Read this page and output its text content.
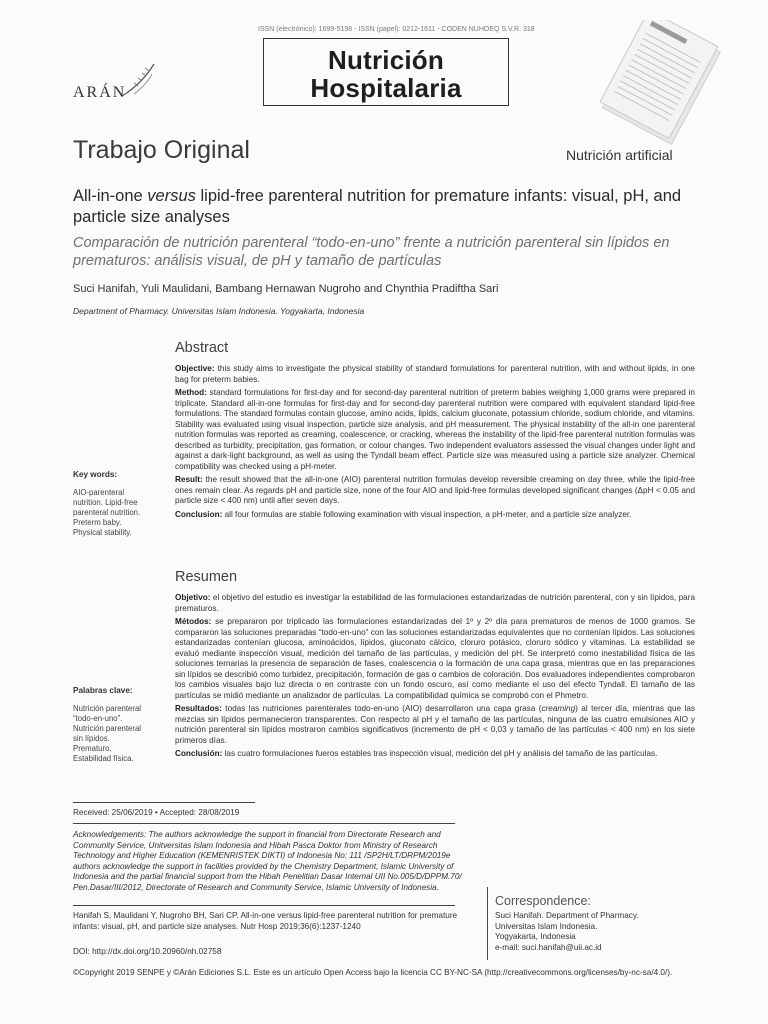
ISSN (electrónico): 1699-5198 - ISSN (papel): 0212-1611 - CODEN NUHOEQ S.V.R. 318
Nutrición
Hospitalaria
ARÁN
Trabajo Original	Nutrición artificial
All-in-one versus lipid-free parenteral nutrition for premature infants: visual, pH, and particle size analyses
Comparación de nutrición parenteral “todo-en-uno” frente a nutrición parenteral sin lípidos en prematuros: análisis visual, de pH y tamaño de partículas
Suci Hanifah, Yuli Maulidani, Bambang Hernawan Nugroho and Chynthia Pradiftha Sari
Department of Pharmacy. Universitas Islam Indonesia. Yogyakarta, Indonesia
Abstract

Objective: this study aims to investigate the physical stability of standard formulations for parenteral nutrition, with and without lipids, in one bag for preterm babies.

Method: standard formulations for first-day and for second-day parenteral nutrition of preterm babies weighing 1,000 grams were prepared in triplicate. Standard all-in-one formulas for first-day and for second-day parenteral nutrition were compared with equivalent standard lipid-free formulations. The standard formulas contain glucose, amino acids, lipids, calcium gluconate, potassium chloride, sodium chloride, and vitamins. Stability was evaluated using visual inspection, particle size analysis, and pH measurement. The physical instability of the all-in one parenteral nutrition formulas was reported as creaming, coalescence, or cracking, whereas the instability of the lipid-free parenteral nutrition formulas was described as turbidity, precipitation, gas formation, or colour changes. Two independent evaluators assessed the visual changes under light and against a dark-light background, as well as using the Tyndall beam effect. Particle size was measured using a particle size analyzer. Chemical compatibility was checked using a pH-meter.

Result: the result showed that the all-in-one (AIO) parenteral nutrition formulas develop reversible creaming on day three, while the lipid-free ones remain clear. As regards pH and particle size, none of the four AIO and lipid-free formulas developed significant changes (ΔpH < 0.05 and particle size < 400 nm) until after seven days.

Conclusion: all four formulas are stable following examination with visual inspection, a pH-meter, and a particle size analyzer.

Key words:
AIO-parenteral nutrition. Lipid-free parenteral nutrition. Preterm baby. Physical stability.
Resumen

Objetivo: el objetivo del estudio es investigar la estabilidad de las formulaciones estandarizadas de nutrición parenteral, con y sin lípidos, para prematuros.

Métodos: se prepararon por triplicado las formulaciones estandarizadas del 1º y 2º día para prematuros de menos de 1000 gramos. Se compararon las soluciones preparadas “todo-en-uno” con las soluciones estandarizadas equivalentes que no contenían lípidos. Las soluciones estandarizadas contenían glucosa, aminoácidos, lípidos, gluconato cálcico, cloruro potásico, cloruro sódico y vitaminas. La estabilidad se evaluó mediante inspección visual, medición del tamaño de las partículas, y medición del pH. Se interpretó como inestabilidad física de las soluciones ternarias la presencia de separación de fases, coalescencia o la formación de una capa grasa, mientras que en las preparaciones sin lípidos se describió como turbidez, precipitación, formación de gas o cambios de coloración. Dos evaluadores independientes comprobaron los cambios visuales bajo luz directa o en contraste con un fondo oscuro, así como mediante el uso del efecto Tyndall. El tamaño de las partículas se midió mediante un analizador de partículas. La compatibilidad química se comprobó con el Phmetro.

Resultados: todas las nutriciones parenterales todo-en-uno (AIO) desarrollaron una capa grasa (creaming) al tercer día, mientras que las mezclas sin lípidos permanecieron transparentes. Con respecto al pH y el tamaño de las partículas, ninguna de las cuatro emulsiones AIO y nutrición parenteral sin lípidos mostraron cambios significativos (incremento de pH < 0,03 y tamaño de las partículas < 400 nm) en los siete primeros días.

Conclusión: las cuatro formulaciones fueros estables tras inspección visual, medición del pH y análisis del tamaño de las partículas.

Palabras clave:
Nutrición parenteral “todo-en-uno”. Nutrición parenteral sin lípidos. Prematuro. Estabilidad física.
Received: 25/06/2019 • Accepted: 28/08/2019
Acknowledgements: The authors acknowledge the support in financial from Directorate Research and Community Service, Unitversitas Islam Indonesia and Hibah Pasca Doktor from Ministry of Research Technology and Higher Education (KEMENRISTEK DIKTI) of Indonesia No: 111 /SP2H/LT/DRPM/2019e authors acknowledge the support in facilities provided by the Chemistry Department, Islamic University of Indonesia and the partial financial support from the Hibah Penelitian Dasar Internal UII No.005/D/DPPM.70/ Pen.Dasar/III/2012, Directorate of Research and Community Service, Islamic University of Indonesia.
Hanifah S, Maulidani Y, Nugroho BH, Sari CP. All-in-one versus lipid-free parenteral nutrition for premature infants: visual, pH, and particle size analyses. Nutr Hosp 2019;36(6):1237-1240
DOI: http://dx.doi.org/10.20960/nh.02758
Correspondence:
Suci Hanifah. Department of Pharmacy.
Universitas Islam Indonesia.
Yogyakarta, Indonesia
e-mail: suci.hanifah@uii.ac.id
©Copyright 2019 SENPE y ©Arán Ediciones S.L. Este es un artículo Open Access bajo la licencia CC BY-NC-SA (http://creativecommons.org/licenses/by-nc-sa/4.0/).
